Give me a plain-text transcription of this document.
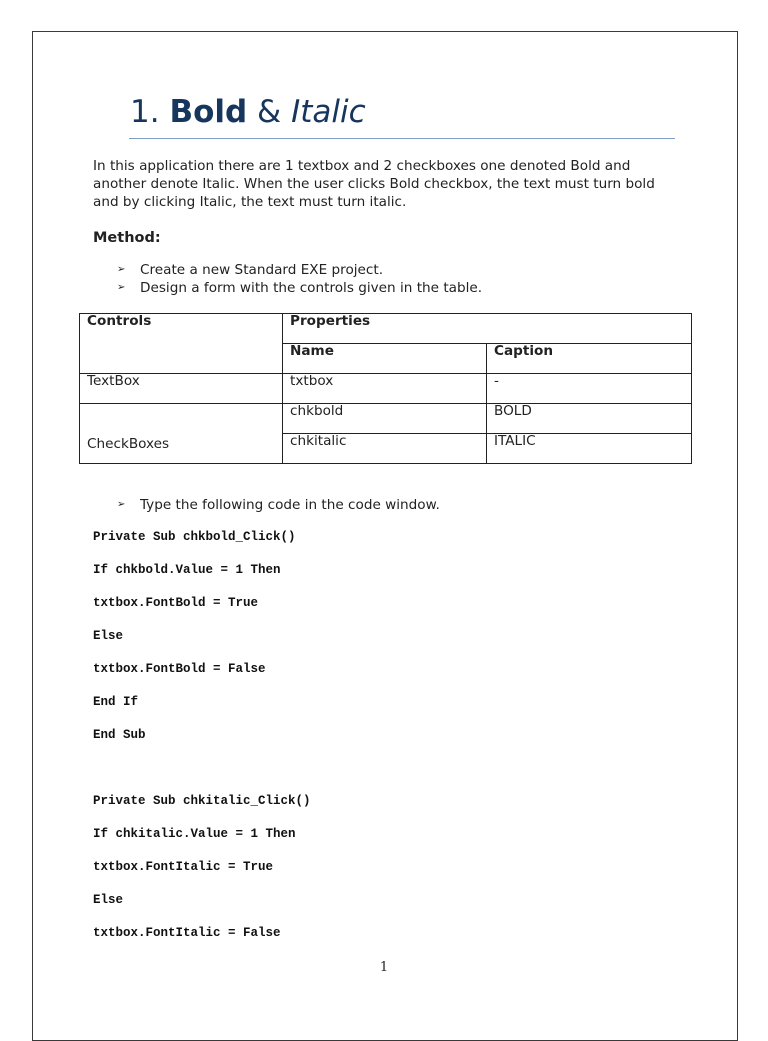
1. Bold & Italic

In this application there are 1 textbox and 2 checkboxes one denoted Bold and another denote Italic. When the user clicks Bold checkbox, the text must turn bold and by clicking Italic, the text must turn italic.

Method:
➢	Create a new Standard EXE project.
➢	Design a form with the controls given in the table.
Controls	Properties	
	Name	Caption
TextBox	txtbox	-
CheckBoxes	chkbold	BOLD
	chkitalic	ITALIC
➢	Type the following code in the code window.
Private Sub chkbold_Click()
If chkbold.Value = 1 Then
txtbox.FontBold = True
Else
txtbox.FontBold = False
End If
End Sub
Private Sub chkitalic_Click()
If chkitalic.Value = 1 Then
txtbox.FontItalic = True
Else
txtbox.FontItalic = False
1
